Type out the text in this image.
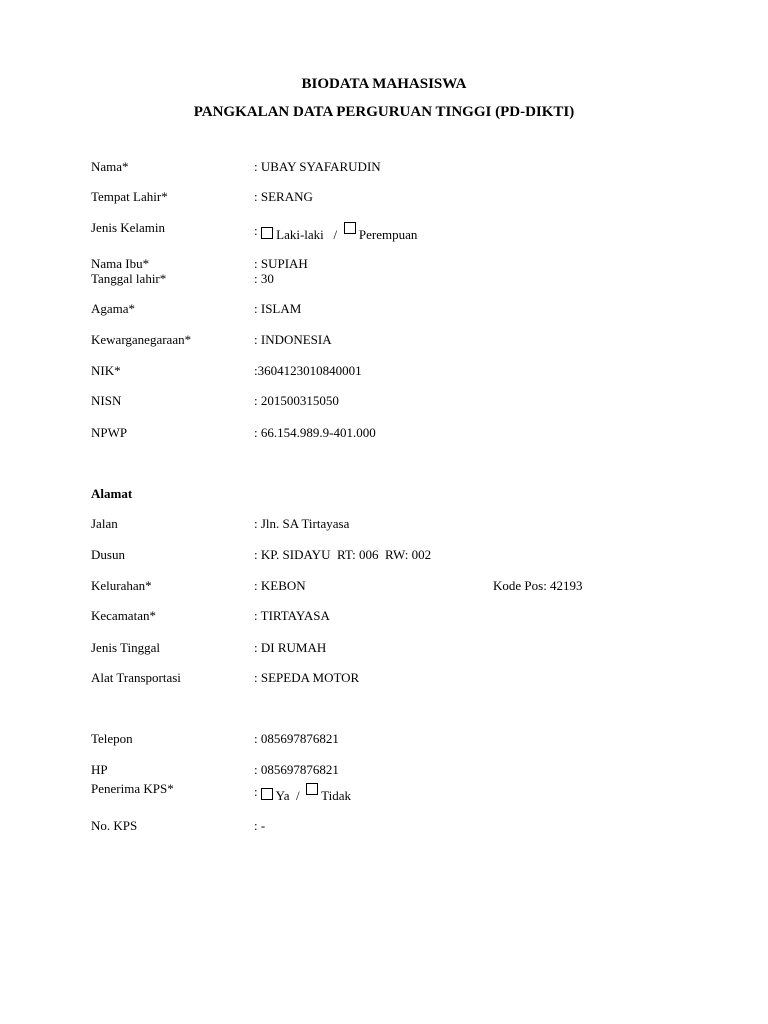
BIODATA MAHASISWA
PANGKALAN DATA PERGURUAN TINGGI (PD-DIKTI)
Nama*	: UBAY SYAFARUDIN
Tempat Lahir*	: SERANG
Jenis Kelamin	: Laki-laki / Perempuan
Nama Ibu*	: SUPIAH
Tanggal lahir*	: 30
Agama*	: ISLAM
Kewarganegaraan*	: INDONESIA
NIK*	:3604123010840001
NISN	: 201500315050
NPWP	: 66.154.989.9-401.000
Alamat
Jalan	: Jln. SA Tirtayasa
Dusun	: KP. SIDAYU  RT: 006  RW: 002
Kelurahan*	: KEBON	Kode Pos: 42193
Kecamatan*	: TIRTAYASA
Jenis Tinggal	: DI RUMAH
Alat Transportasi	: SEPEDA MOTOR
Telepon	: 085697876821
HP	: 085697876821
Penerima KPS*	: Ya / Tidak
No. KPS	: -
